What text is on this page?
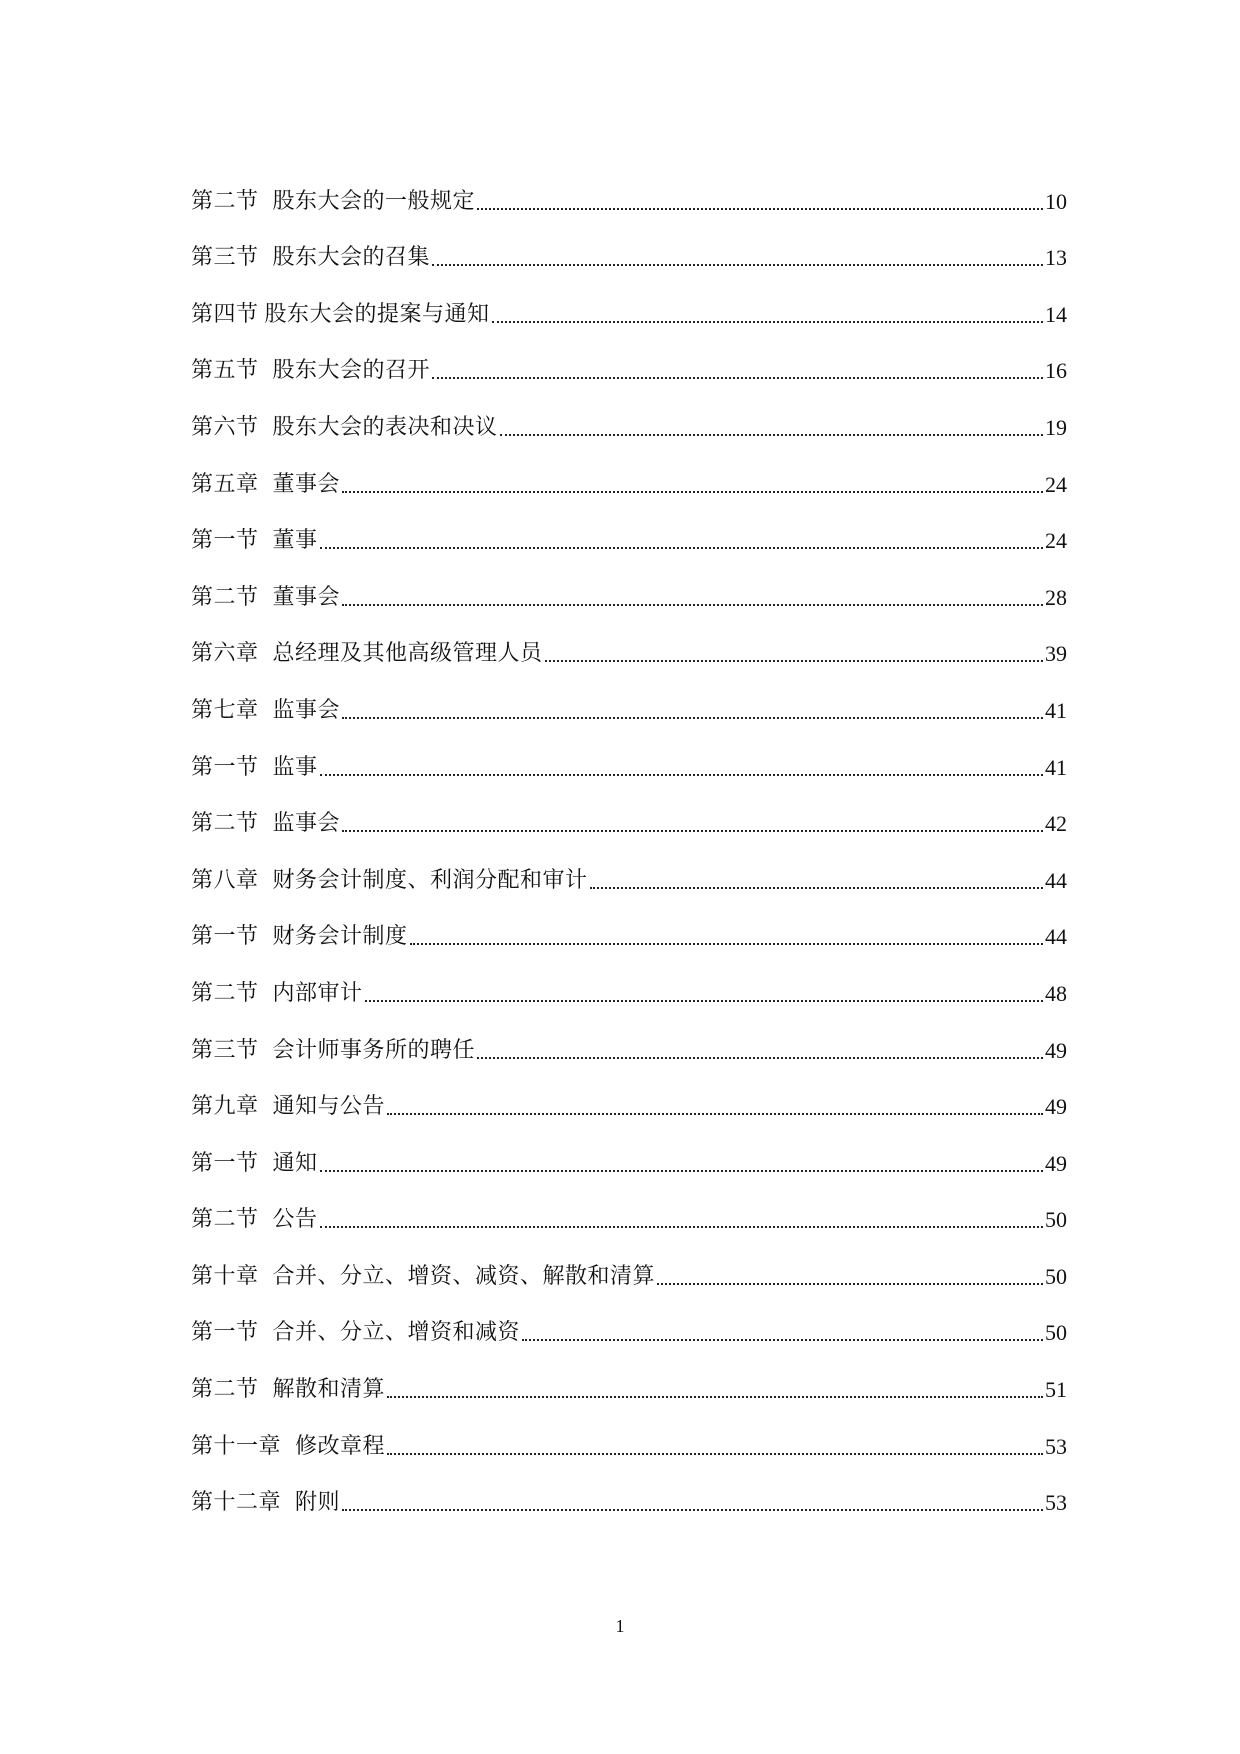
第二节 股东大会的一般规定	10
第三节 股东大会的召集	13
第四节 股东大会的提案与通知	14
第五节 股东大会的召开	16
第六节 股东大会的表决和决议	19
第五章 董事会	24
第一节 董事	24
第二节 董事会	28
第六章 总经理及其他高级管理人员	39
第七章 监事会	41
第一节 监事	41
第二节 监事会	42
第八章 财务会计制度、利润分配和审计	44
第一节 财务会计制度	44
第二节 内部审计	48
第三节 会计师事务所的聘任	49
第九章 通知与公告	49
第一节 通知	49
第二节 公告	50
第十章 合并、分立、增资、减资、解散和清算	50
第一节 合并、分立、增资和减资	50
第二节 解散和清算	51
第十一章 修改章程	53
第十二章 附则	53
1
